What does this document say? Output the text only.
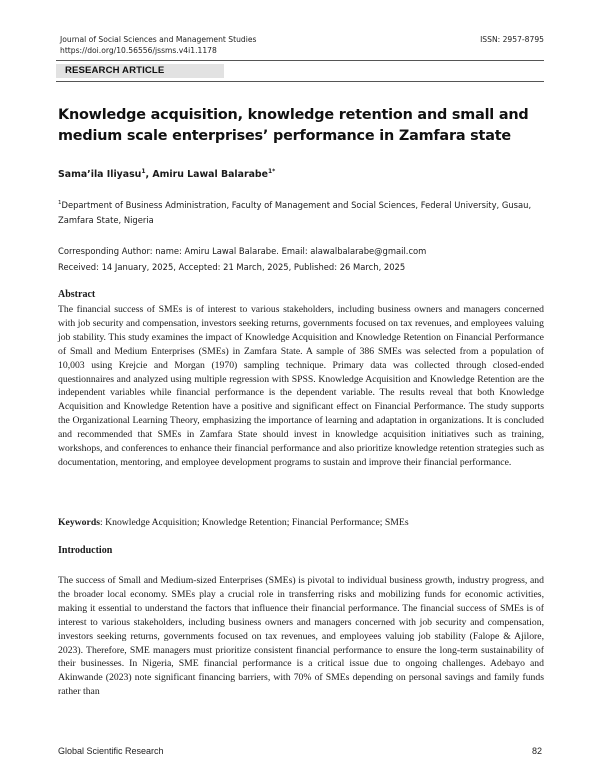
Journal of Social Sciences and Management Studies
https://doi.org/10.56556/jssms.v4i1.1178
ISSN: 2957-8795
RESEARCH ARTICLE
Knowledge acquisition, knowledge retention and small and medium scale enterprises’ performance in Zamfara state
Sama’ila Iliyasu$^1$, Amiru Lawal Balarabe$^{1*}$
$^1$Department of Business Administration, Faculty of Management and Social Sciences, Federal University, Gusau, Zamfara State, Nigeria
Corresponding Author: name: Amiru Lawal Balarabe. Email: alawalbalarabe@gmail.com
Received: 14 January, 2025, Accepted: 21 March, 2025, Published: 26 March, 2025
Abstract
The financial success of SMEs is of interest to various stakeholders, including business owners and managers concerned with job security and compensation, investors seeking returns, governments focused on tax revenues, and employees valuing job stability. This study examines the impact of Knowledge Acquisition and Knowledge Retention on Financial Performance of Small and Medium Enterprises (SMEs) in Zamfara State. A sample of 386 SMEs was selected from a population of 10,003 using Krejcie and Morgan (1970) sampling technique. Primary data was collected through closed-ended questionnaires and analyzed using multiple regression with SPSS. Knowledge Acquisition and Knowledge Retention are the independent variables while financial performance is the dependent variable. The results reveal that both Knowledge Acquisition and Knowledge Retention have a positive and significant effect on Financial Performance. The study supports the Organizational Learning Theory, emphasizing the importance of learning and adaptation in organizations. It is concluded and recommended that SMEs in Zamfara State should invest in knowledge acquisition initiatives such as training, workshops, and conferences to enhance their financial performance and also prioritize knowledge retention strategies such as documentation, mentoring, and employee development programs to sustain and improve their financial performance.
Keywords: Knowledge Acquisition; Knowledge Retention; Financial Performance; SMEs
Introduction
The success of Small and Medium-sized Enterprises (SMEs) is pivotal to individual business growth, industry progress, and the broader local economy. SMEs play a crucial role in transferring risks and mobilizing funds for economic activities, making it essential to understand the factors that influence their financial performance. The financial success of SMEs is of interest to various stakeholders, including business owners and managers concerned with job security and compensation, investors seeking returns, governments focused on tax revenues, and employees valuing job stability (Falope & Ajilore, 2023). Therefore, SME managers must prioritize consistent financial performance to ensure the long-term sustainability of their businesses. In Nigeria, SME financial performance is a critical issue due to ongoing challenges. Adebayo and Akinwande (2023) note significant financing barriers, with 70% of SMEs depending on personal savings and family funds rather than
Global Scientific Research	82
